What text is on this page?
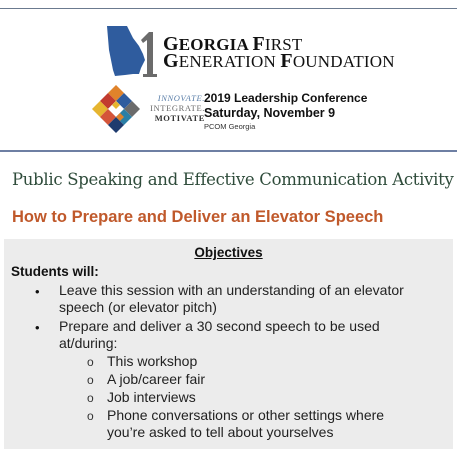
GEORGIA FIRST
GENERATION FOUNDATION
INNOVATE.
INTEGRATE.
MOTIVATE
2019 Leadership Conference
Saturday, November 9
PCOM Georgia
Public Speaking and Effective Communication Activity
How to Prepare and Deliver an Elevator Speech
Objectives
Students will:
• Leave this session with an understanding of an elevator
speech (or elevator pitch)
• Prepare and deliver a 30 second speech to be used
at/during:
o This workshop
o A job/career fair
o Job interviews
o Phone conversations or other settings where
you’re asked to tell about yourselves
